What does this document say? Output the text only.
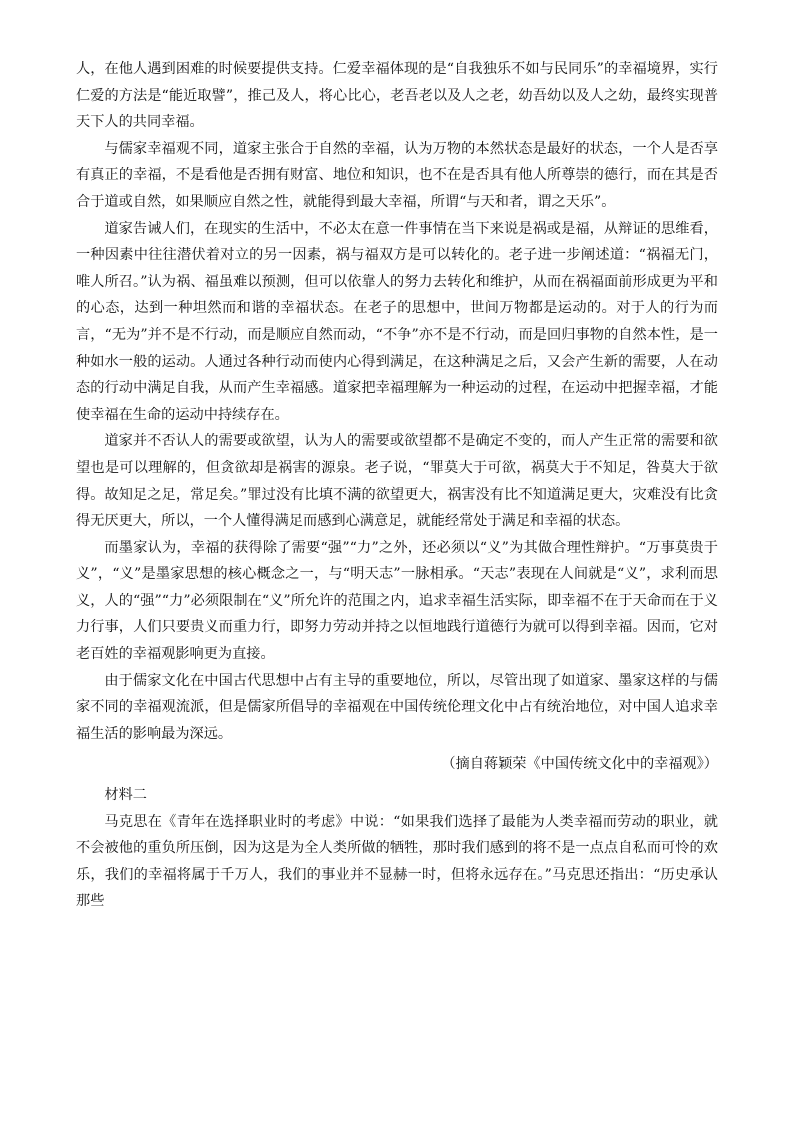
人，在他人遇到困难的时候要提供支持。仁爱幸福体现的是“自我独乐不如与民同乐”的幸福境界，实行仁爱的方法是“能近取譬”，推己及人，将心比心，老吾老以及人之老，幼吾幼以及人之幼，最终实现普天下人的共同幸福。

与儒家幸福观不同，道家主张合于自然的幸福，认为万物的本然状态是最好的状态，一个人是否享有真正的幸福，不是看他是否拥有财富、地位和知识，也不在是否具有他人所尊崇的德行，而在其是否合于道或自然，如果顺应自然之性，就能得到最大幸福，所谓“与天和者，谓之天乐”。

道家告诫人们，在现实的生活中，不必太在意一件事情在当下来说是祸或是福，从辩证的思维看，一种因素中往往潜伏着对立的另一因素，祸与福双方是可以转化的。老子进一步阐述道：“祸福无门，唯人所召。”认为祸、福虽难以预测，但可以依靠人的努力去转化和维护，从而在祸福面前形成更为平和的心态，达到一种坦然而和谐的幸福状态。在老子的思想中，世间万物都是运动的。对于人的行为而言，“无为”并不是不行动，而是顺应自然而动，“不争”亦不是不行动，而是回归事物的自然本性，是一种如水一般的运动。人通过各种行动而使内心得到满足，在这种满足之后，又会产生新的需要，人在动态的行动中满足自我，从而产生幸福感。道家把幸福理解为一种运动的过程，在运动中把握幸福，才能使幸福在生命的运动中持续存在。

道家并不否认人的需要或欲望，认为人的需要或欲望都不是确定不变的，而人产生正常的需要和欲望也是可以理解的，但贪欲却是祸害的源泉。老子说，“罪莫大于可欲，祸莫大于不知足，咎莫大于欲得。故知足之足，常足矣。”罪过没有比填不满的欲望更大，祸害没有比不知道满足更大，灾难没有比贪得无厌更大，所以，一个人懂得满足而感到心满意足，就能经常处于满足和幸福的状态。

而墨家认为，幸福的获得除了需要“强”“力”之外，还必须以“义”为其做合理性辩护。“万事莫贵于义”，“义”是墨家思想的核心概念之一，与“明天志”一脉相承。“天志”表现在人间就是“义”，求利而思义，人的“强”“力”必须限制在“义”所允许的范围之内，追求幸福生活实际，即幸福不在于天命而在于义力行事，人们只要贵义而重力行，即努力劳动并持之以恒地践行道德行为就可以得到幸福。因而，它对老百姓的幸福观影响更为直接。

由于儒家文化在中国古代思想中占有主导的重要地位，所以，尽管出现了如道家、墨家这样的与儒家不同的幸福观流派，但是儒家所倡导的幸福观在中国传统伦理文化中占有统治地位，对中国人追求幸福生活的影响最为深远。

（摘自蒋颖荣《中国传统文化中的幸福观》）

材料二

马克思在《青年在选择职业时的考虑》中说：“如果我们选择了最能为人类幸福而劳动的职业，就不会被他的重负所压倒，因为这是为全人类所做的牺牲，那时我们感到的将不是一点点自私而可怜的欢乐，我们的幸福将属于千万人，我们的事业并不显赫一时，但将永远存在。”马克思还指出：“历史承认那些
